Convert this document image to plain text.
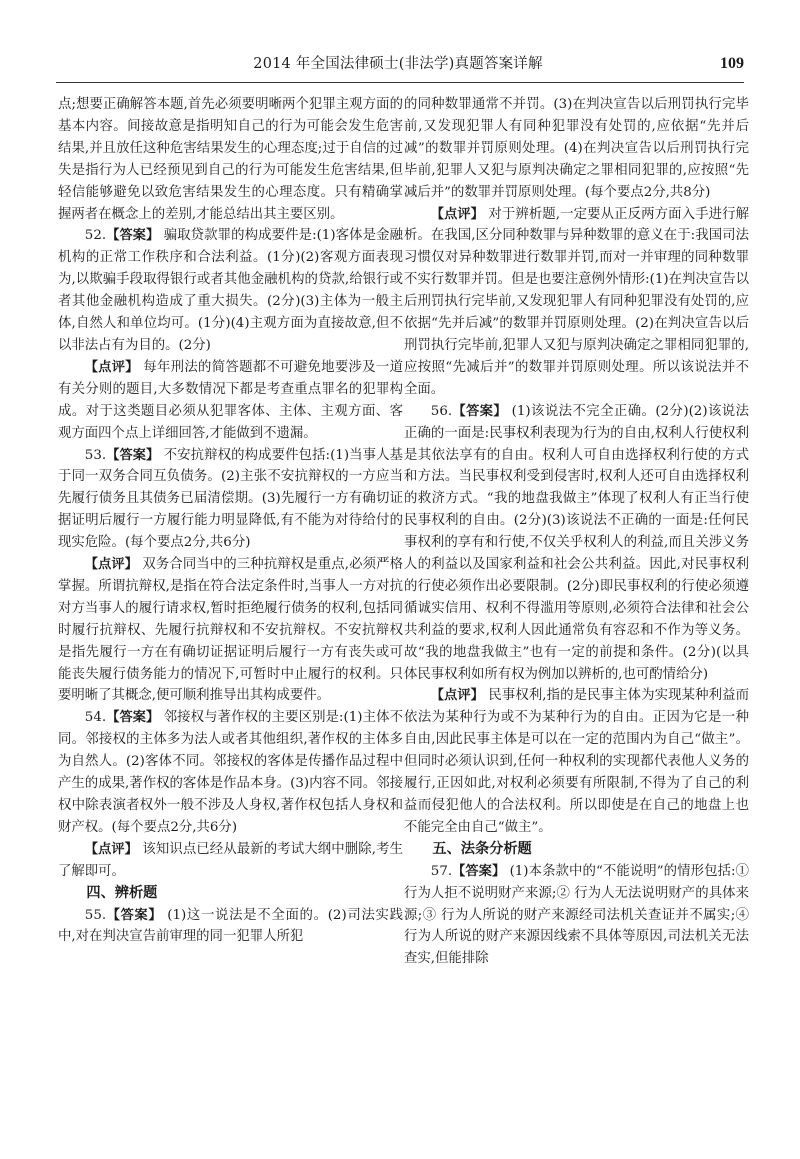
2014 年全国法律硕士(非法学)真题答案详解	109

点;想要正确解答本题,首先必须要明晰两个犯罪主观方面的基本内容。间接故意是指明知自己的行为可能会发生危害结果,并且放任这种危害结果发生的心理态度;过于自信的过失是指行为人已经预见到自己的行为可能发生危害结果,但轻信能够避免以致危害结果发生的心理态度。只有精确掌握两者在概念上的差别,才能总结出其主要区别。

52.【答案】 骗取贷款罪的构成要件是:(1)客体是金融机构的正常工作秩序和合法利益。(1分)(2)客观方面表现为,以欺骗手段取得银行或者其他金融机构的贷款,给银行或者其他金融机构造成了重大损失。(2分)(3)主体为一般主体,自然人和单位均可。(1分)(4)主观方面为直接故意,但不以非法占有为目的。(2分)

【点评】 每年刑法的简答题都不可避免地要涉及一道有关分则的题目,大多数情况下都是考查重点罪名的犯罪构成。对于这类题目必须从犯罪客体、主体、主观方面、客观方面四个点上详细回答,才能做到不遗漏。

53.【答案】 不安抗辩权的构成要件包括:(1)当事人基于同一双务合同互负债务。(2)主张不安抗辩权的一方应当先履行债务且其债务已届清偿期。(3)先履行一方有确切证据证明后履行一方履行能力明显降低,有不能为对待给付的现实危险。(每个要点2分,共6分)

【点评】 双务合同当中的三种抗辩权是重点,必须严格掌握。所谓抗辩权,是指在符合法定条件时,当事人一方对抗对方当事人的履行请求权,暂时拒绝履行债务的权利,包括同时履行抗辩权、先履行抗辩权和不安抗辩权。不安抗辩权是指先履行一方在有确切证据证明后履行一方有丧失或可能丧失履行债务能力的情况下,可暂时中止履行的权利。只要明晰了其概念,便可顺利推导出其构成要件。

54.【答案】 邻接权与著作权的主要区别是:(1)主体不同。邻接权的主体多为法人或者其他组织,著作权的主体多为自然人。(2)客体不同。邻接权的客体是传播作品过程中产生的成果,著作权的客体是作品本身。(3)内容不同。邻接权中除表演者权外一般不涉及人身权,著作权包括人身权和财产权。(每个要点2分,共6分)

【点评】 该知识点已经从最新的考试大纲中删除,考生了解即可。

四、辨析题

55.【答案】 (1)这一说法是不全面的。(2)司法实践中,对在判决宣告前审理的同一犯罪人所犯

的同种数罪通常不并罚。(3)在判决宣告以后刑罚执行完毕前,又发现犯罪人有同种犯罪没有处罚的,应依据“先并后减”的数罪并罚原则处理。(4)在判决宣告以后刑罚执行完毕前,犯罪人又犯与原判决确定之罪相同犯罪的,应按照“先减后并”的数罪并罚原则处理。(每个要点2分,共8分)

【点评】 对于辨析题,一定要从正反两方面入手进行解析。在我国,区分同种数罪与异种数罪的意义在于:我国司法习惯仅对异种数罪进行数罪并罚,而对一并审理的同种数罪不实行数罪并罚。但是也要注意例外情形:(1)在判决宣告以后刑罚执行完毕前,又发现犯罪人有同种犯罪没有处罚的,应依据“先并后减”的数罪并罚原则处理。(2)在判决宣告以后刑罚执行完毕前,犯罪人又犯与原判决确定之罪相同犯罪的,应按照“先减后并”的数罪并罚原则处理。所以该说法并不全面。

56.【答案】 (1)该说法不完全正确。(2分)(2)该说法正确的一面是:民事权利表现为行为的自由,权利人行使权利是其依法享有的自由。权利人可自由选择权利行使的方式和方法。当民事权利受到侵害时,权利人还可自由选择权利的救济方式。“我的地盘我做主”体现了权利人有正当行使民事权利的自由。(2分)(3)该说法不正确的一面是:任何民事权利的享有和行使,不仅关乎权利人的利益,而且关涉义务人的利益以及国家利益和社会公共利益。因此,对民事权利的行使必须作出必要限制。(2分)即民事权利的行使必须遵循诚实信用、权利不得滥用等原则,必须符合法律和社会公共利益的要求,权利人因此通常负有容忍和不作为等义务。故“我的地盘我做主”也有一定的前提和条件。(2分)(以具体民事权利如所有权为例加以辨析的,也可酌情给分)

【点评】 民事权利,指的是民事主体为实现某种利益而依法为某种行为或不为某种行为的自由。正因为它是一种自由,因此民事主体是可以在一定的范围内为自己“做主”。但同时必须认识到,任何一种权利的实现都代表他人义务的履行,正因如此,对权利必须要有所限制,不得为了自己的利益而侵犯他人的合法权利。所以即使是在自己的地盘上也不能完全由自己“做主”。

五、法条分析题

57.【答案】 (1)本条款中的“不能说明”的情形包括:① 行为人拒不说明财产来源;② 行为人无法说明财产的具体来源;③ 行为人所说的财产来源经司法机关查证并不属实;④ 行为人所说的财产来源因线索不具体等原因,司法机关无法查实,但能排除
